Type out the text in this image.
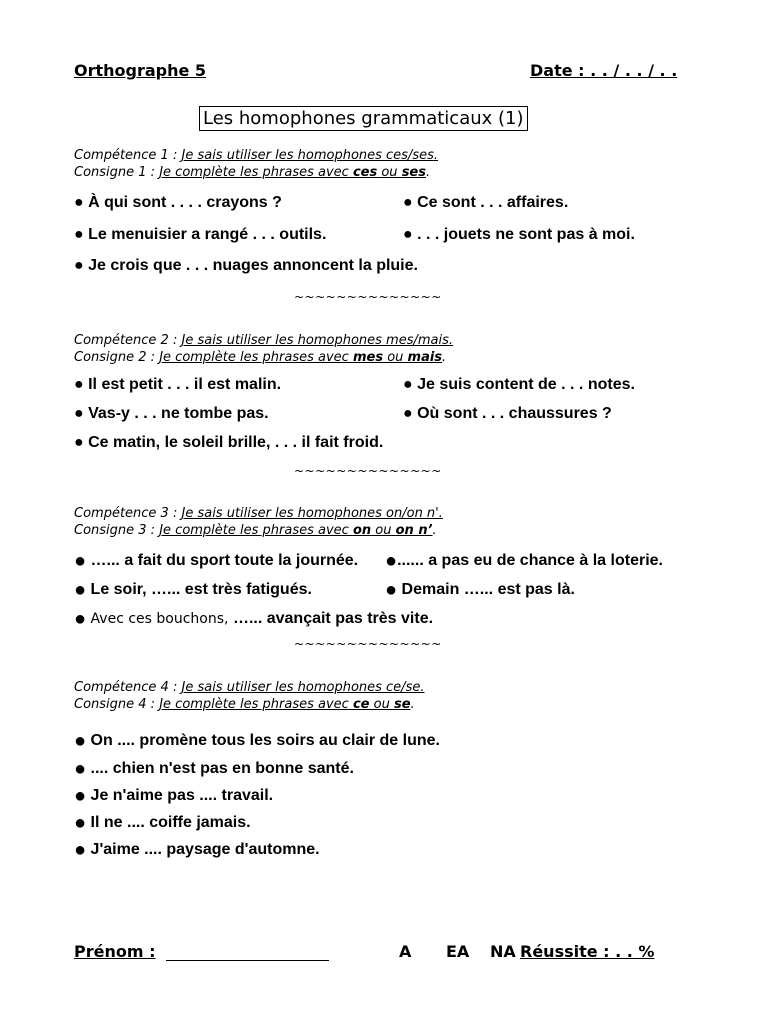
Orthographe 5	Date : . . / . . / . .
Les homophones grammaticaux (1)
Compétence 1 : Je sais utiliser les homophones ces/ses.
Consigne 1 : Je complète les phrases avec ces ou ses.
● À qui sont . . . . crayons ?	● Ce sont . . . affaires.
● Le menuisier a rangé . . . outils.	● . . . jouets ne sont pas à moi.
● Je crois que . . . nuages annoncent la pluie.
~~~~~~~~~~~~~~
Compétence 2 : Je sais utiliser les homophones mes/mais.
Consigne 2 : Je complète les phrases avec mes ou mais.
● Il est petit . . . il est malin.	● Je suis content de . . . notes.
● Vas-y . . . ne tombe pas.	● Où sont . . . chaussures ?
● Ce matin, le soleil brille, . . . il fait froid.
~~~~~~~~~~~~~~
Compétence 3 : Je sais utiliser les homophones on/on n'.
Consigne 3 : Je complète les phrases avec on ou on n’.
● …... a fait du sport toute la journée. ●...... a pas eu de chance à la loterie.
● Le soir, …... est très fatigués.	● Demain …... est pas là.
● Avec ces bouchons, …... avançait pas très vite.
~~~~~~~~~~~~~~
Compétence 4 : Je sais utiliser les homophones ce/se.
Consigne 4 : Je complète les phrases avec ce ou se.
● On .... promène tous les soirs au clair de lune.
● .... chien n'est pas en bonne santé.
● Je n'aime pas .... travail.
● Il ne .... coiffe jamais.
● J'aime .... paysage d'automne.
Prénom :	A EA NA Réussite : . . %
